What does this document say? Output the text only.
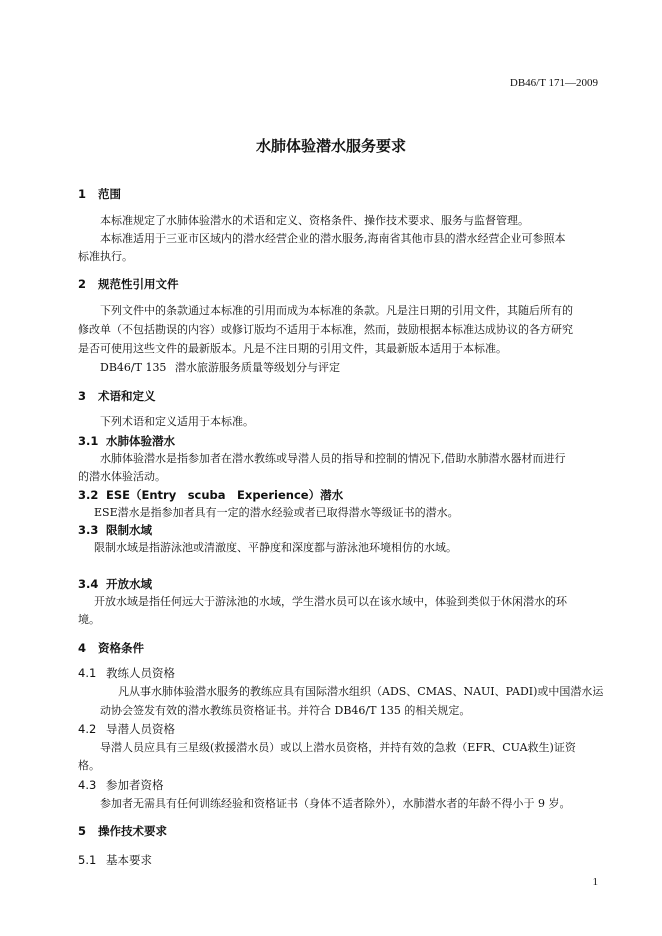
DB46/T 171—2009
水肺体验潜水服务要求
1 范围
本标准规定了水肺体验潜水的术语和定义、资格条件、操作技术要求、服务与监督管理。
本标准适用于三亚市区域内的潜水经营企业的潜水服务,海南省其他市县的潜水经营企业可参照本
标准执行。
2 规范性引用文件
下列文件中的条款通过本标准的引用而成为本标准的条款。凡是注日期的引用文件，其随后所有的
修改单（不包括勘误的内容）或修订版均不适用于本标准，然而，鼓励根据本标准达成协议的各方研究
是否可使用这些文件的最新版本。凡是不注日期的引用文件，其最新版本适用于本标准。
DB46/T 135 潜水旅游服务质量等级划分与评定
3 术语和定义
下列术语和定义适用于本标准。
3.1 水肺体验潜水
水肺体验潜水是指参加者在潜水教练或导潜人员的指导和控制的情况下,借助水肺潜水器材而进行
的潜水体验活动。
3.2 ESE（Entry　scuba　Experience）潜水
ESE潜水是指参加者具有一定的潜水经验或者已取得潜水等级证书的潜水。
3.3 限制水域
限制水域是指游泳池或清澈度、平静度和深度都与游泳池环境相仿的水域。
3.4 开放水域
开放水域是指任何远大于游泳池的水域，学生潜水员可以在该水域中，体验到类似于休闲潜水的环
境。
4 资格条件
4.1 教练人员资格
凡从事水肺体验潜水服务的教练应具有国际潜水组织（ADS、CMAS、NAUI、PADI)或中国潜水运
动协会签发有效的潜水教练员资格证书。并符合 DB46/T 135 的相关规定。
4.2 导潜人员资格
导潜人员应具有三星级(救援潜水员）或以上潜水员资格，并持有效的急救（EFR、CUA救生)证资
格。
4.3 参加者资格
参加者无需具有任何训练经验和资格证书（身体不适者除外），水肺潜水者的年龄不得小于 9 岁。
5 操作技术要求
5.1 基本要求
1
